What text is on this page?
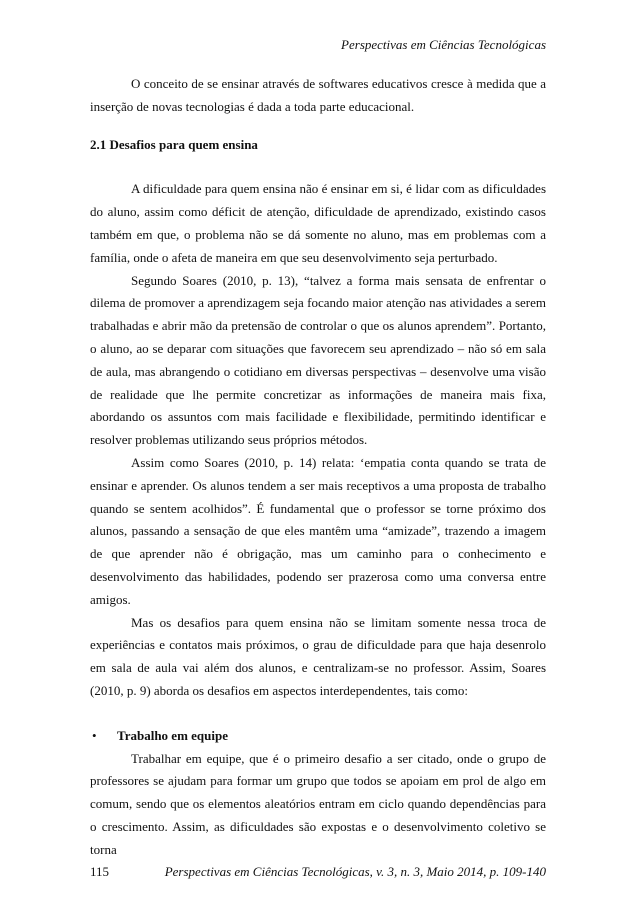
Perspectivas em Ciências Tecnológicas

O conceito de se ensinar através de softwares educativos cresce à medida que a inserção de novas tecnologias é dada a toda parte educacional.

2.1 Desafios para quem ensina

A dificuldade para quem ensina não é ensinar em si, é lidar com as dificuldades do aluno, assim como déficit de atenção, dificuldade de aprendizado, existindo casos também em que, o problema não se dá somente no aluno, mas em problemas com a família, onde o afeta de maneira em que seu desenvolvimento seja perturbado.

Segundo Soares (2010, p. 13), “talvez a forma mais sensata de enfrentar o dilema de promover a aprendizagem seja focando maior atenção nas atividades a serem trabalhadas e abrir mão da pretensão de controlar o que os alunos aprendem”. Portanto, o aluno, ao se deparar com situações que favorecem seu aprendizado – não só em sala de aula, mas abrangendo o cotidiano em diversas perspectivas – desenvolve uma visão de realidade que lhe permite concretizar as informações de maneira mais fixa, abordando os assuntos com mais facilidade e flexibilidade, permitindo identificar e resolver problemas utilizando seus próprios métodos.

Assim como Soares (2010, p. 14) relata: ‘empatia conta quando se trata de ensinar e aprender. Os alunos tendem a ser mais receptivos a uma proposta de trabalho quando se sentem acolhidos”. É fundamental que o professor se torne próximo dos alunos, passando a sensação de que eles mantêm uma “amizade”, trazendo a imagem de que aprender não é obrigação, mas um caminho para o conhecimento e desenvolvimento das habilidades, podendo ser prazerosa como uma conversa entre amigos.

Mas os desafios para quem ensina não se limitam somente nessa troca de experiências e contatos mais próximos, o grau de dificuldade para que haja desenrolo em sala de aula vai além dos alunos, e centralizam-se no professor. Assim, Soares (2010, p. 9) aborda os desafios em aspectos interdependentes, tais como:

•	Trabalho em equipe

Trabalhar em equipe, que é o primeiro desafio a ser citado, onde o grupo de professores se ajudam para formar um grupo que todos se apoiam em prol de algo em comum, sendo que os elementos aleatórios entram em ciclo quando dependências para o crescimento. Assim, as dificuldades são expostas e o desenvolvimento coletivo se torna

115	Perspectivas em Ciências Tecnológicas, v. 3, n. 3, Maio 2014, p. 109-140
